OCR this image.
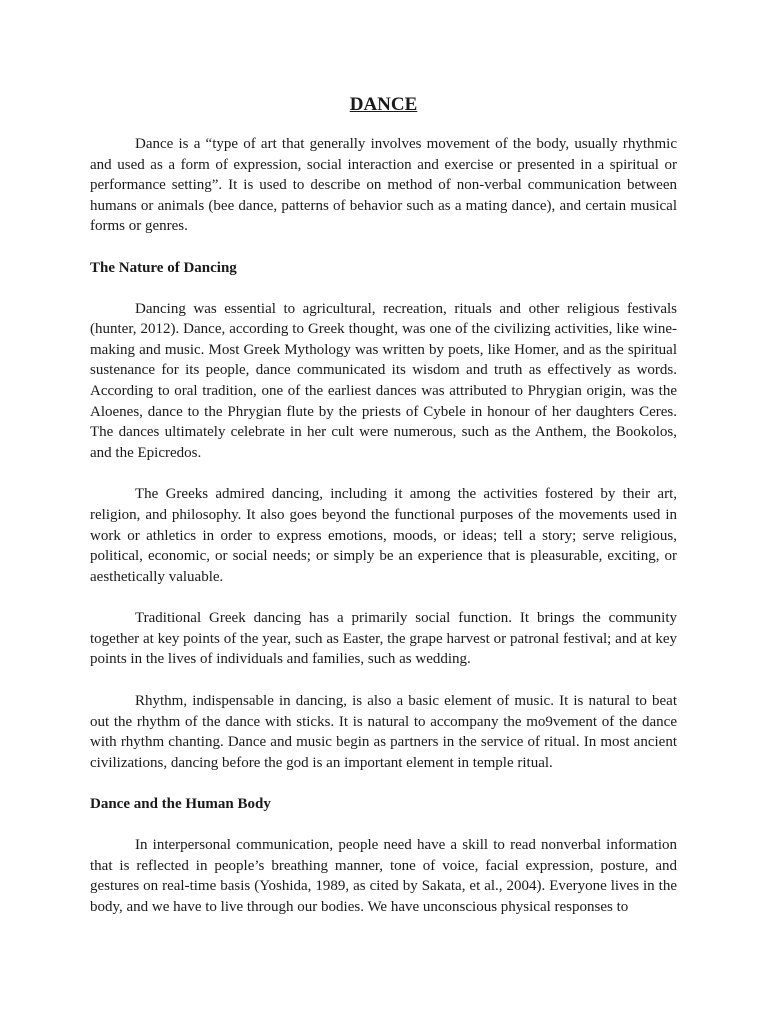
DANCE

Dance is a “type of art that generally involves movement of the body, usually rhythmic and used as a form of expression, social interaction and exercise or presented in a spiritual or performance setting”. It is used to describe on method of non-verbal communication between humans or animals (bee dance, patterns of behavior such as a mating dance), and certain musical forms or genres.

The Nature of Dancing

Dancing was essential to agricultural, recreation, rituals and other religious festivals (hunter, 2012). Dance, according to Greek thought, was one of the civilizing activities, like wine-making and music. Most Greek Mythology was written by poets, like Homer, and as the spiritual sustenance for its people, dance communicated its wisdom and truth as effectively as words. According to oral tradition, one of the earliest dances was attributed to Phrygian origin, was the Aloenes, dance to the Phrygian flute by the priests of Cybele in honour of her daughters Ceres. The dances ultimately celebrate in her cult were numerous, such as the Anthem, the Bookolos, and the Epicredos.

The Greeks admired dancing, including it among the activities fostered by their art, religion, and philosophy. It also goes beyond the functional purposes of the movements used in work or athletics in order to express emotions, moods, or ideas; tell a story; serve religious, political, economic, or social needs; or simply be an experience that is pleasurable, exciting, or aesthetically valuable.

Traditional Greek dancing has a primarily social function. It brings the community together at key points of the year, such as Easter, the grape harvest or patronal festival; and at key points in the lives of individuals and families, such as wedding.

Rhythm, indispensable in dancing, is also a basic element of music. It is natural to beat out the rhythm of the dance with sticks. It is natural to accompany the mo9vement of the dance with rhythm chanting. Dance and music begin as partners in the service of ritual. In most ancient civilizations, dancing before the god is an important element in temple ritual.

Dance and the Human Body

In interpersonal communication, people need have a skill to read nonverbal information that is reflected in people’s breathing manner, tone of voice, facial expression, posture, and gestures on real-time basis (Yoshida, 1989, as cited by Sakata, et al., 2004). Everyone lives in the body, and we have to live through our bodies. We have unconscious physical responses to
